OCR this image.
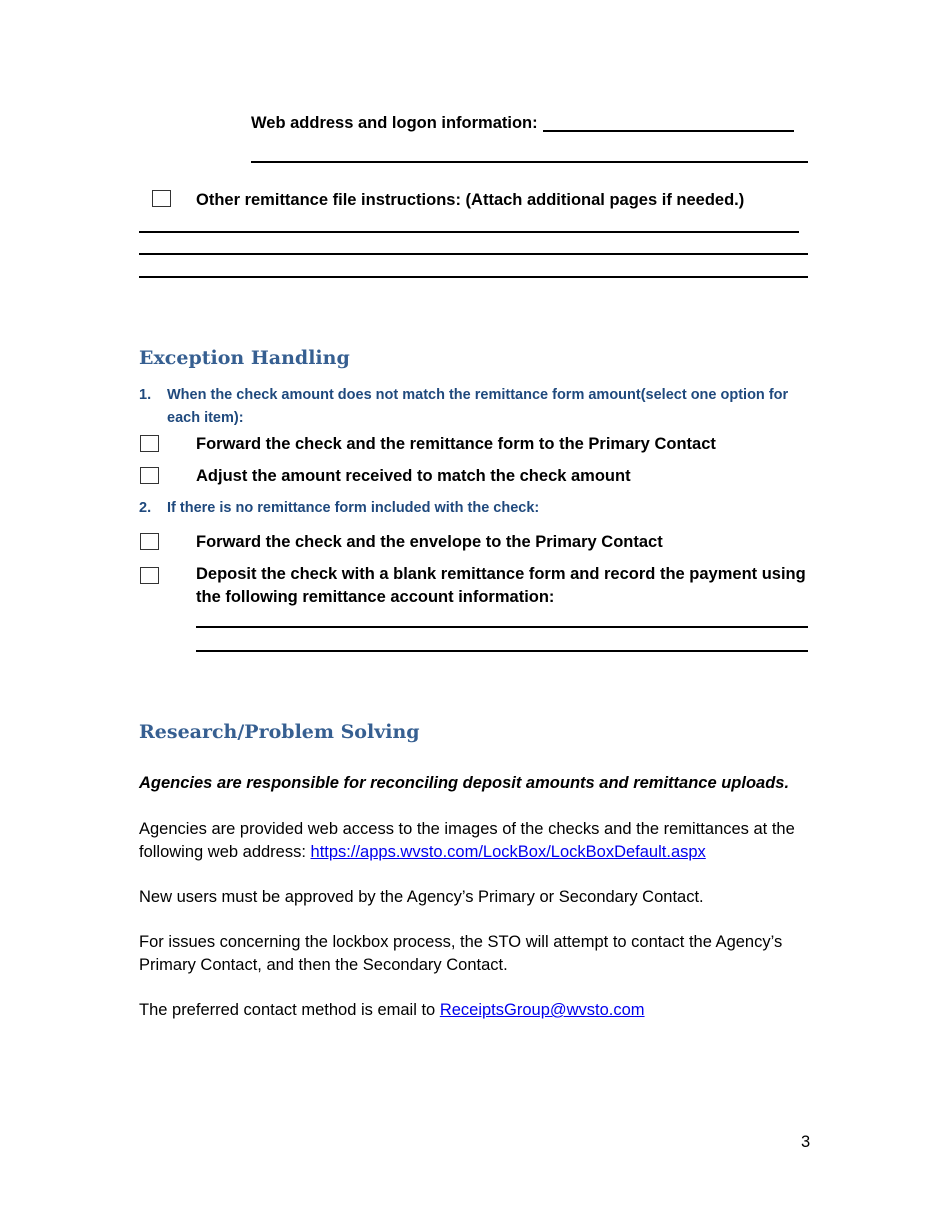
Web address and logon information:
Other remittance file instructions: (Attach additional pages if needed.)
Exception Handling
1. When the check amount does not match the remittance form amount(select one option for each item):
Forward the check and the remittance form to the Primary Contact
Adjust the amount received to match the check amount
2. If there is no remittance form included with the check:
Forward the check and the envelope to the Primary Contact
Deposit the check with a blank remittance form and record the payment using the following remittance account information:
Research/Problem Solving
Agencies are responsible for reconciling deposit amounts and remittance uploads.
Agencies are provided web access to the images of the checks and the remittances at the following web address: https://apps.wvsto.com/LockBox/LockBoxDefault.aspx
New users must be approved by the Agency’s Primary or Secondary Contact.
For issues concerning the lockbox process, the STO will attempt to contact the Agency’s Primary Contact, and then the Secondary Contact.
The preferred contact method is email to ReceiptsGroup@wvsto.com
3
